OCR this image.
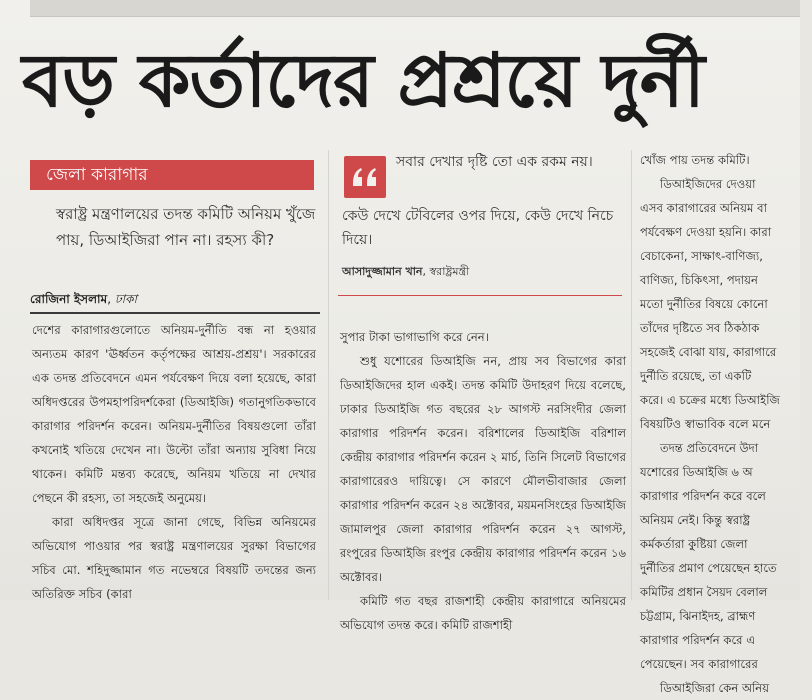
বড় কর্তাদের প্রশ্রয়ে দুর্নী
জেলা কারাগার
স্বরাষ্ট্র মন্ত্রণালয়ের তদন্ত কমিটি অনিয়ম খুঁজে পায়, ডিআইজিরা পান না। রহস্য কী?
রোজিনা ইসলাম, ঢাকা

দেশের কারাগারগুলোতে অনিয়ম-দুর্নীতি বন্ধ না হওয়ার অন্যতম কারণ 'ঊর্ধ্বতন কর্তৃপক্ষের আশ্রয়-প্রশ্রয়'। সরকারের এক তদন্ত প্রতিবেদনে এমন পর্যবেক্ষণ দিয়ে বলা হয়েছে, কারা অধিদপ্তরের উপমহাপরিদর্শকেরা (ডিআইজি) গতানুগতিকভাবে কারাগার পরিদর্শন করেন। অনিয়ম-দুর্নীতির বিষয়গুলো তাঁরা কখনোই খতিয়ে দেখেন না। উল্টো তাঁরা অন্যায় সুবিধা নিয়ে থাকেন। কমিটি মন্তব্য করেছে, অনিয়ম খতিয়ে না দেখার পেছনে কী রহস্য, তা সহজেই অনুমেয়।

কারা অধিদপ্তর সূত্রে জানা গেছে, বিভিন্ন অনিয়মের অভিযোগ পাওয়ার পর স্বরাষ্ট্র মন্ত্রণালয়ের সুরক্ষা বিভাগের সচিব মো. শহিদুজ্জামান গত নভেম্বরে বিষয়টি তদন্তের জন্য অতিরিক্ত সচিব (কারা

সবার দেখার দৃষ্টি তো এক রকম নয়।
কেউ দেখে টেবিলের ওপর দিয়ে, কেউ দেখে নিচে দিয়ে।
আসাদুজ্জামান খান, স্বরাষ্ট্রমন্ত্রী

সুপার টাকা ভাগাভাগি করে নেন।

শুধু যশোরের ডিআইজি নন, প্রায় সব বিভাগের কারা ডিআইজিদের হাল একই। তদন্ত কমিটি উদাহরণ দিয়ে বলেছে, ঢাকার ডিআইজি গত বছরের ২৮ আগস্ট নরসিংদীর জেলা কারাগার পরিদর্শন করেন। বরিশালের ডিআইজি বরিশাল কেন্দ্রীয় কারাগার পরিদর্শন করেন ২ মার্চ, তিনি সিলেট বিভাগের কারাগারেরও দায়িত্বে। সে কারণে মৌলভীবাজার জেলা কারাগার পরিদর্শন করেন ২৪ অক্টোবর, ময়মনসিংহের ডিআইজি জামালপুর জেলা কারাগার পরিদর্শন করেন ২৭ আগস্ট, রংপুরের ডিআইজি রংপুর কেন্দ্রীয় কারাগার পরিদর্শন করেন ১৬ অক্টোবর।

কমিটি গত বছর রাজশাহী কেন্দ্রীয় কারাগারে অনিয়মের অভিযোগ তদন্ত করে। কমিটি রাজশাহী

খোঁজ পায় তদন্ত কমিটি।

ডিআইজিদের দেওয়া

এসব কারাগারের অনিয়ম বা

পর্যবেক্ষণ দেওয়া হয়নি। কারা

বেচাকেনা, সাক্ষাৎ-বাণিজ্য,

বাণিজ্য, চিকিৎসা, পদায়ন

মতো দুর্নীতির বিষয়ে কোনো

তাঁদের দৃষ্টিতে সব ঠিকঠাক

সহজেই বোঝা যায়, কারাগারে

দুর্নীতি রয়েছে, তা একটি

করে। এ চক্রের মধ্যে ডিআইজি

বিষয়টিও স্বাভাবিক বলে মনে

তদন্ত প্রতিবেদনে উদা

যশোরের ডিআইজি ৬ অ

কারাগার পরিদর্শন করে বলে

অনিয়ম নেই। কিন্তু স্বরাষ্ট্র

কর্মকর্তারা কুষ্টিয়া জেলা

দুর্নীতির প্রমাণ পেয়েছেন হাতে

কমিটির প্রধান সৈয়দ বেলাল

চট্টগ্রাম, ঝিনাইদহ, ব্রাহ্মণ

কারাগার পরিদর্শন করে এ

পেয়েছেন। সব কারাগারের

ডিআইজিরা কেন অনিয়
